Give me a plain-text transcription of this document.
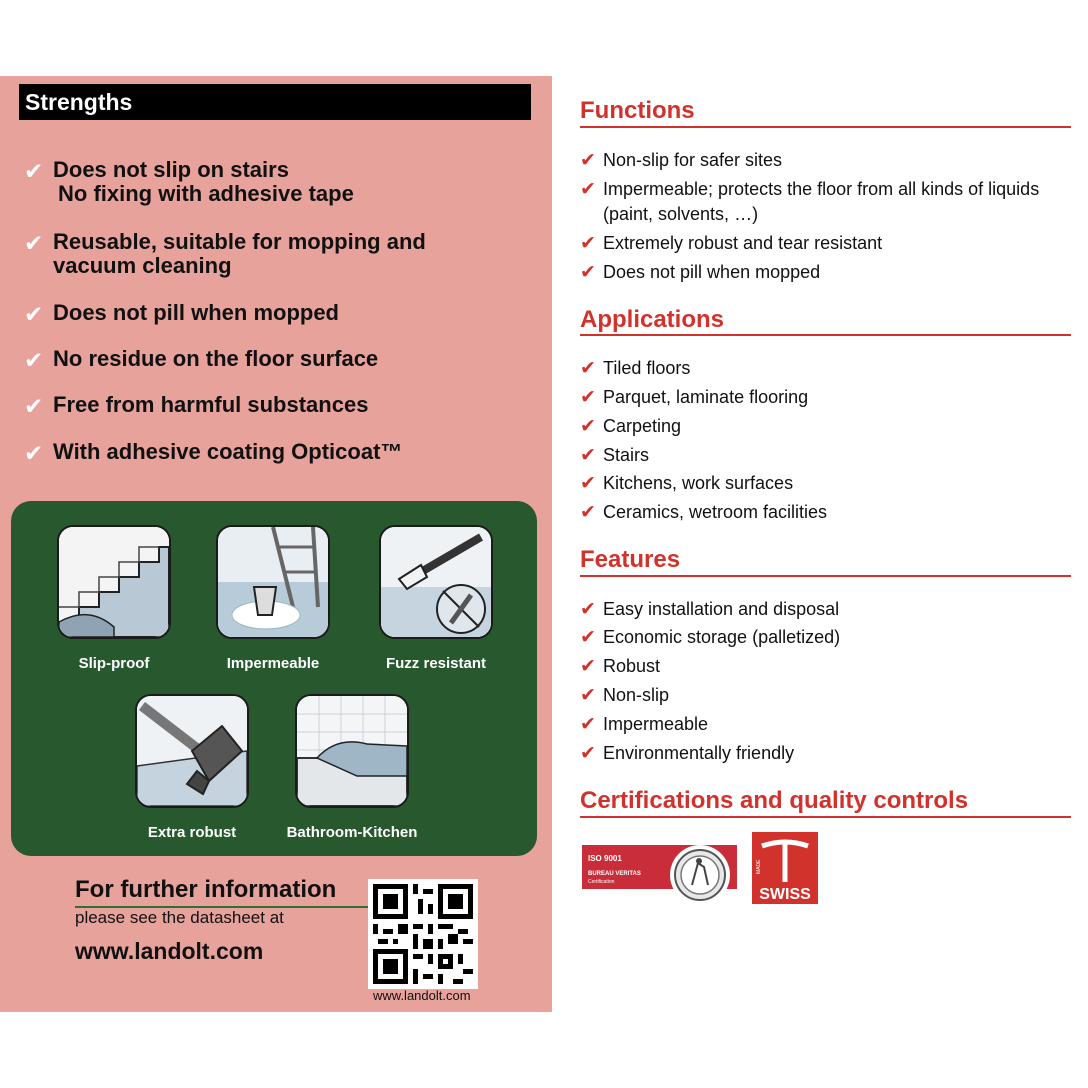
Strengths
✔ Does not slip on stairs
No fixing with adhesive tape
✔ Reusable, suitable for mopping and
vacuum cleaning
✔ Does not pill when mopped
✔ No residue on the floor surface
✔ Free from harmful substances
✔ With adhesive coating Opticoat™
Slip-proof	Impermeable	Fuzz resistant
Extra robust	Bathroom-Kitchen
For further information
please see the datasheet at
www.landolt.com
www.landolt.com
Functions
✔ Non-slip for safer sites
✔ Impermeable; protects the floor from all kinds of liquids (paint, solvents, …)
✔ Extremely robust and tear resistant
✔ Does not pill when mopped
Applications
✔ Tiled floors
✔ Parquet, laminate flooring
✔ Carpeting
✔ Stairs
✔ Kitchens, work surfaces
✔ Ceramics, wetroom facilities
Features
✔ Easy installation and disposal
✔ Economic storage (palletized)
✔ Robust
✔ Non-slip
✔ Impermeable
✔ Environmentally friendly
Certifications and quality controls
ISO 9001
BUREAU VERITAS
Certification
MADE
SWISS
